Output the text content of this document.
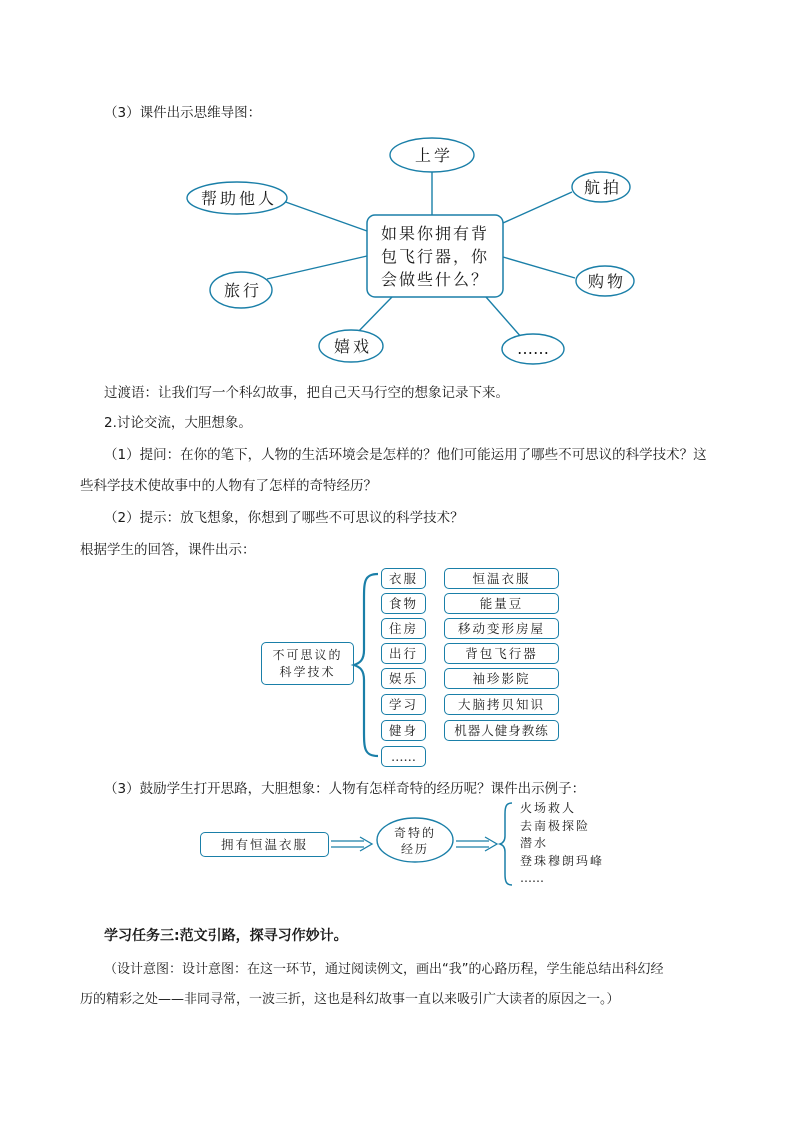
（3）课件出示思维导图：
如果你拥有背
包飞行器，你
会做些什么？
上学
帮助他人
航拍
旅行	购物
嬉戏	……
过渡语：让我们写一个科幻故事，把自己天马行空的想象记录下来。
2.讨论交流，大胆想象。
（1）提问：在你的笔下，人物的生活环境会是怎样的？他们可能运用了哪些不可思议的科学技术？这
些科学技术使故事中的人物有了怎样的奇特经历？
（2）提示：放飞想象，你想到了哪些不可思议的科学技术？
根据学生的回答，课件出示：
不可思议的
科学技术
衣服	恒温衣服
食物	能量豆
住房	移动变形房屋
出行	背包飞行器
娱乐	袖珍影院
学习	大脑拷贝知识
健身	机器人健身教练
……
（3）鼓励学生打开思路，大胆想象：人物有怎样奇特的经历呢？课件出示例子：
拥有恒温衣服
奇特的
经历
火场救人
去南极探险
潜水
登珠穆朗玛峰
……
学习任务三:范文引路，探寻习作妙计。
（设计意图：设计意图：在这一环节，通过阅读例文，画出“我”的心路历程，学生能总结出科幻经
历的精彩之处——非同寻常，一波三折，这也是科幻故事一直以来吸引广大读者的原因之一。）
